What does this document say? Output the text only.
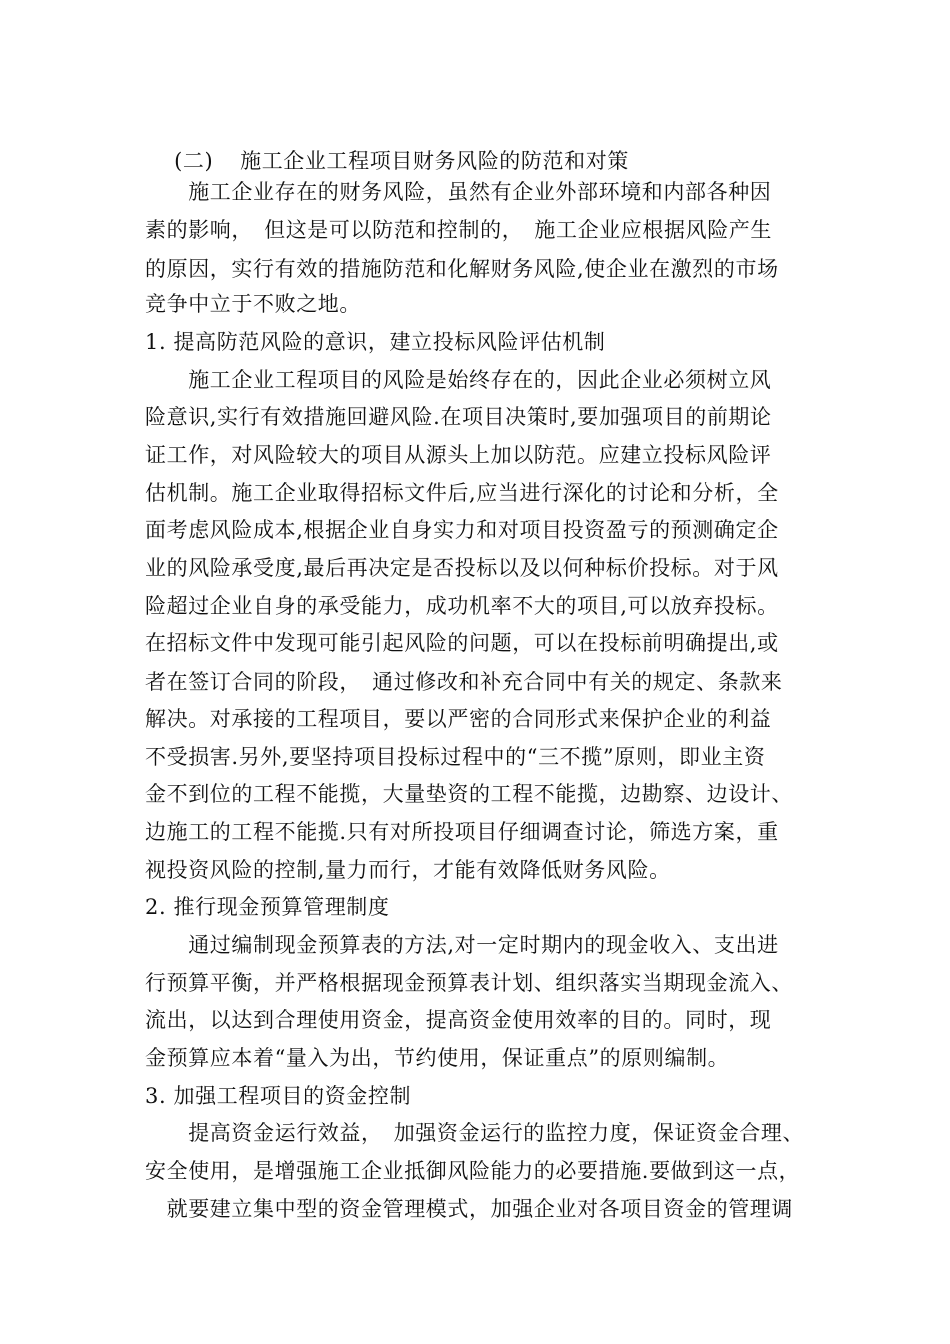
(二) 施工企业工程项目财务风险的防范和对策

　　施工企业存在的财务风险，虽然有企业外部环境和内部各种因
素的影响，　但这是可以防范和控制的，　施工企业应根据风险产生
的原因，实行有效的措施防范和化解财务风险,使企业在激烈的市场
竞争中立于不败之地。
1. 提高防范风险的意识，建立投标风险评估机制
　　施工企业工程项目的风险是始终存在的，因此企业必须树立风
险意识,实行有效措施回避风险.在项目决策时,要加强项目的前期论
证工作，对风险较大的项目从源头上加以防范。应建立投标风险评
估机制。施工企业取得招标文件后,应当进行深化的讨论和分析，全
面考虑风险成本,根据企业自身实力和对项目投资盈亏的预测确定企
业的风险承受度,最后再决定是否投标以及以何种标价投标。对于风
险超过企业自身的承受能力，成功机率不大的项目,可以放弃投标。
在招标文件中发现可能引起风险的问题，可以在投标前明确提出,或
者在签订合同的阶段，　通过修改和补充合同中有关的规定、条款来
解决。对承接的工程项目，要以严密的合同形式来保护企业的利益
不受损害.另外,要坚持项目投标过程中的“三不揽”原则，即业主资
金不到位的工程不能揽，大量垫资的工程不能揽，边勘察、边设计、
边施工的工程不能揽.只有对所投项目仔细调查讨论，筛选方案，重
视投资风险的控制,量力而行，才能有效降低财务风险。
2. 推行现金预算管理制度
　　通过编制现金预算表的方法,对一定时期内的现金收入、支出进
行预算平衡，并严格根据现金预算表计划、组织落实当期现金流入、
流出，以达到合理使用资金，提高资金使用效率的目的。同时，现
金预算应本着“量入为出，节约使用，保证重点”的原则编制。
3. 加强工程项目的资金控制
　　提高资金运行效益，　加强资金运行的监控力度，保证资金合理、
安全使用，是增强施工企业抵御风险能力的必要措施.要做到这一点，
　就要建立集中型的资金管理模式，加强企业对各项目资金的管理调
